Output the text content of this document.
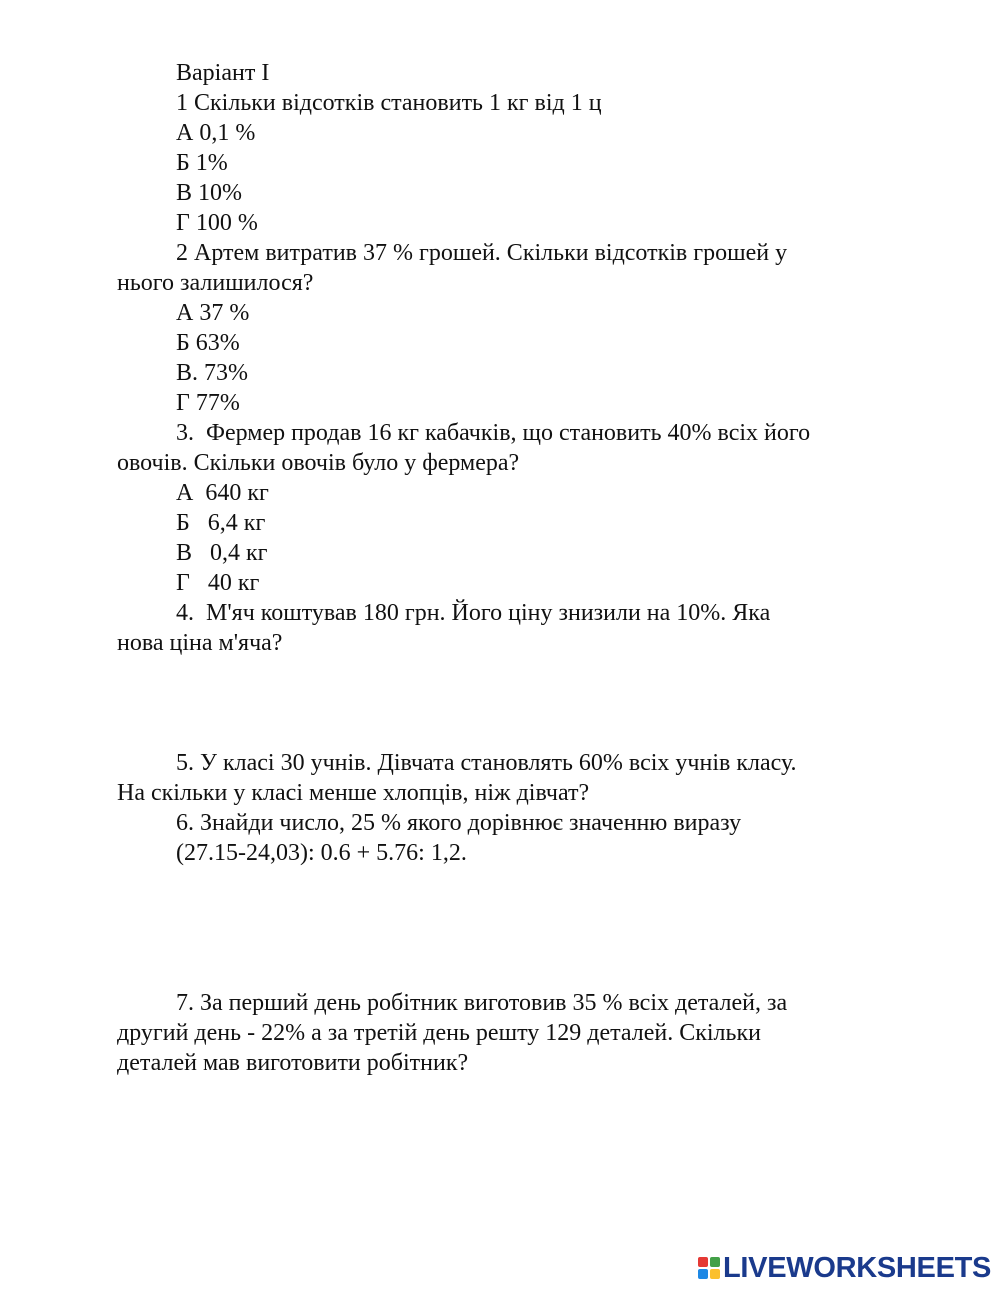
Варіант І
1 Скільки відсотків становить 1 кг від 1 ц
А 0,1 %
Б 1%
В 10%
Г 100 %
2 Артем витратив 37 % грошей. Скільки відсотків грошей у
нього залишилося?
А 37 %
Б 63%
В. 73%
Г 77%
3.  Фермер продав 16 кг кабачків, що становить 40% всіх його
овочів. Скільки овочів було у фермера?
А  640 кг
Б   6,4 кг
В   0,4 кг
Г   40 кг
4.  М'яч коштував 180 грн. Його ціну знизили на 10%. Яка
нова ціна м'яча?
5. У класі 30 учнів. Дівчата становлять 60% всіх учнів класу.
На скільки у класі менше хлопців, ніж дівчат?
6. Знайди число, 25 % якого дорівнює значенню виразу
(27.15-24,03): 0.6 + 5.76: 1,2.
7. За перший день робітник виготовив 35 % всіх деталей, за
другий день - 22% а за третій день решту 129 деталей. Скільки
деталей мав виготовити робітник?
LIVEWORKSHEETS
